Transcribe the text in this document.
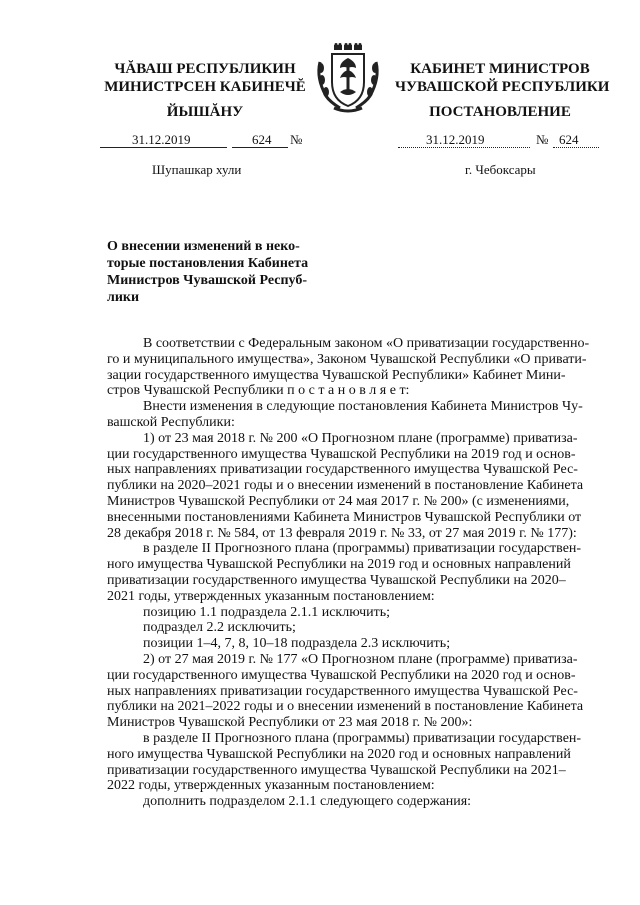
ЧĂВАШ РЕСПУБЛИКИН
МИНИСТРСЕН КАБИНЕЧĔ
ЙЫШĂНУ
КАБИНЕТ МИНИСТРОВ
ЧУВАШСКОЙ РЕСПУБЛИКИ
ПОСТАНОВЛЕНИЕ
31.12.2019	624 №	31.12.2019	№ 624
Шупашкар хули	г. Чебоксары
О внесении изменений в неко-
торые постановления Кабинета
Министров Чувашской Респуб-
лики
В соответствии с Федеральным законом «О приватизации государственно-
го и муниципального имущества», Законом Чувашской Республики «О привати-
зации государственного имущества Чувашской Республики» Кабинет Мини-
стров Чувашской Республики п о с т а н о в л я е т:
Внести изменения в следующие постановления Кабинета Министров Чу-
вашской Республики:
1) от 23 мая 2018 г. № 200 «О Прогнозном плане (программе) приватиза-
ции государственного имущества Чувашской Республики на 2019 год и основ-
ных направлениях приватизации государственного имущества Чувашской Рес-
публики на 2020–2021 годы и о внесении изменений в постановление Кабинета
Министров Чувашской Республики от 24 мая 2017 г. № 200» (с изменениями,
внесенными постановлениями Кабинета Министров Чувашской Республики от
28 декабря 2018 г. № 584, от 13 февраля 2019 г. № 33, от 27 мая 2019 г. № 177):
в разделе II Прогнозного плана (программы) приватизации государствен-
ного имущества Чувашской Республики на 2019 год и основных направлений
приватизации государственного имущества Чувашской Республики на 2020–
2021 годы, утвержденных указанным постановлением:
позицию 1.1 подраздела 2.1.1 исключить;
подраздел 2.2 исключить;
позиции 1–4, 7, 8, 10–18 подраздела 2.3 исключить;
2) от 27 мая 2019 г. № 177 «О Прогнозном плане (программе) приватиза-
ции государственного имущества Чувашской Республики на 2020 год и основ-
ных направлениях приватизации государственного имущества Чувашской Рес-
публики на 2021–2022 годы и о внесении изменений в постановление Кабинета
Министров Чувашской Республики от 23 мая 2018 г. № 200»:
в разделе II Прогнозного плана (программы) приватизации государствен-
ного имущества Чувашской Республики на 2020 год и основных направлений
приватизации государственного имущества Чувашской Республики на 2021–
2022 годы, утвержденных указанным постановлением:
дополнить подразделом 2.1.1 следующего содержания:
